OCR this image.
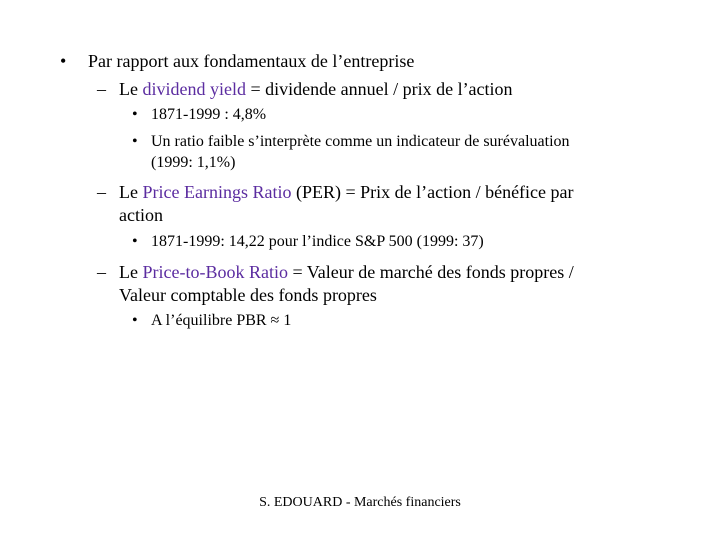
• Par rapport aux fondamentaux de l’entreprise
– Le dividend yield = dividende annuel / prix de l’action
• 1871-1999 : 4,8%
• Un ratio faible s’interprète comme un indicateur de surévaluation
(1999: 1,1%)
– Le Price Earnings Ratio (PER) = Prix de l’action / bénéfice par
action
• 1871-1999: 14,22 pour l’indice S&P 500 (1999: 37)
– Le Price-to-Book Ratio = Valeur de marché des fonds propres /
Valeur comptable des fonds propres
• A l’équilibre PBR ≈ 1
S. EDOUARD - Marchés financiers
